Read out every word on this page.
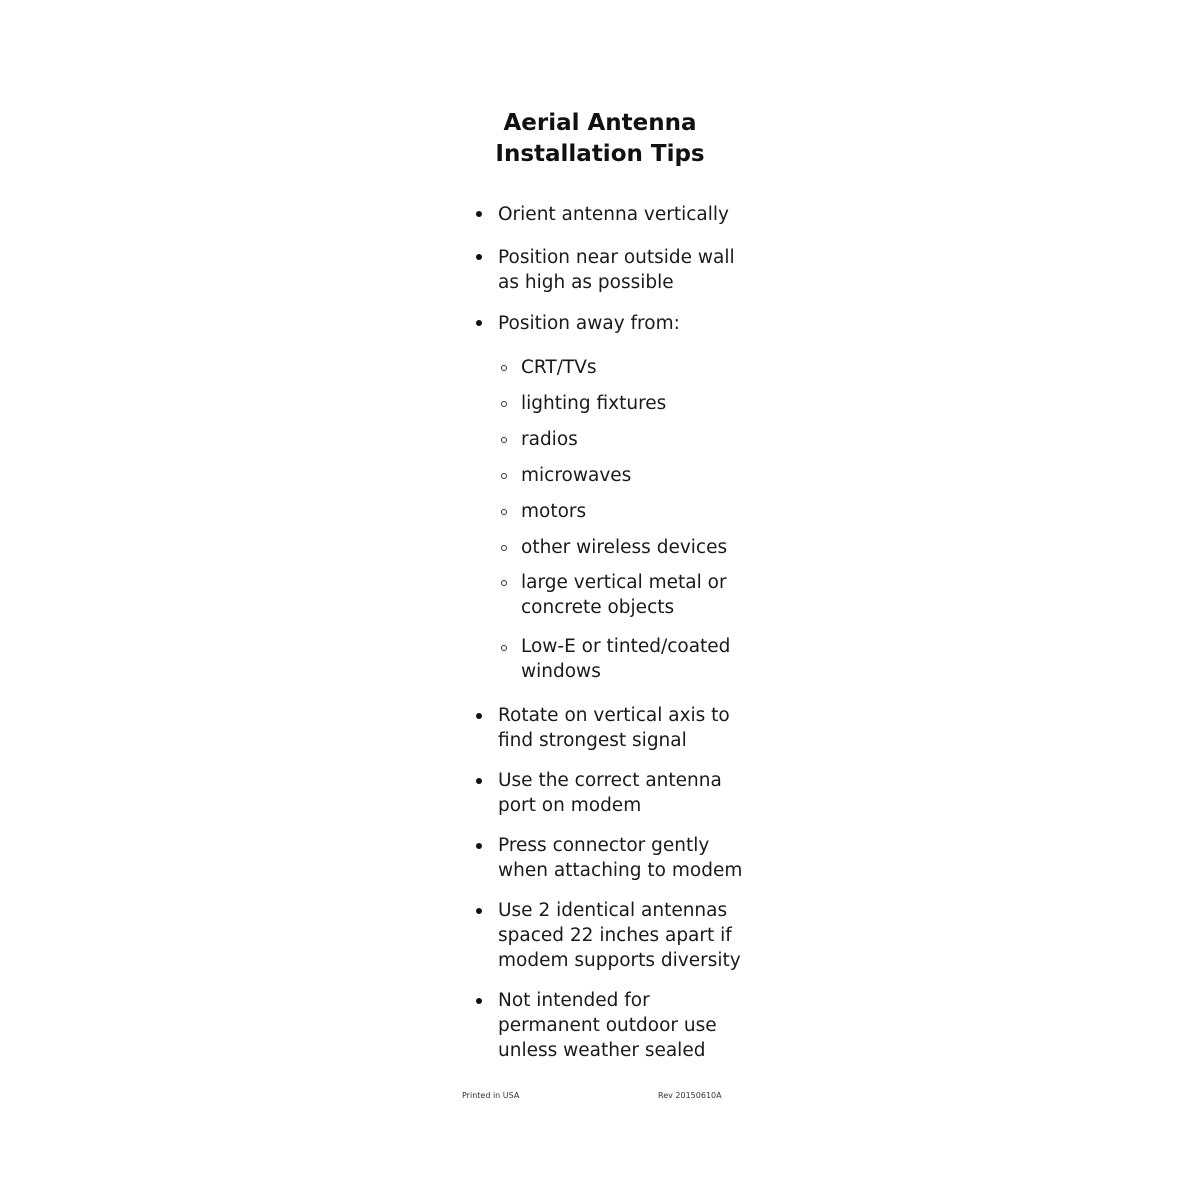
Aerial Antenna
Installation Tips
Orient antenna vertically
Position near outside wall
as high as possible
Position away from:
CRT/TVs
lighting fixtures
radios
microwaves
motors
other wireless devices
large vertical metal or
concrete objects
Low-E or tinted/coated
windows
Rotate on vertical axis to
find strongest signal
Use the correct antenna
port on modem
Press connector gently
when attaching to modem
Use 2 identical antennas
spaced 22 inches apart if
modem supports diversity
Not intended for
permanent outdoor use
unless weather sealed
Printed in USA	Rev 20150610A
